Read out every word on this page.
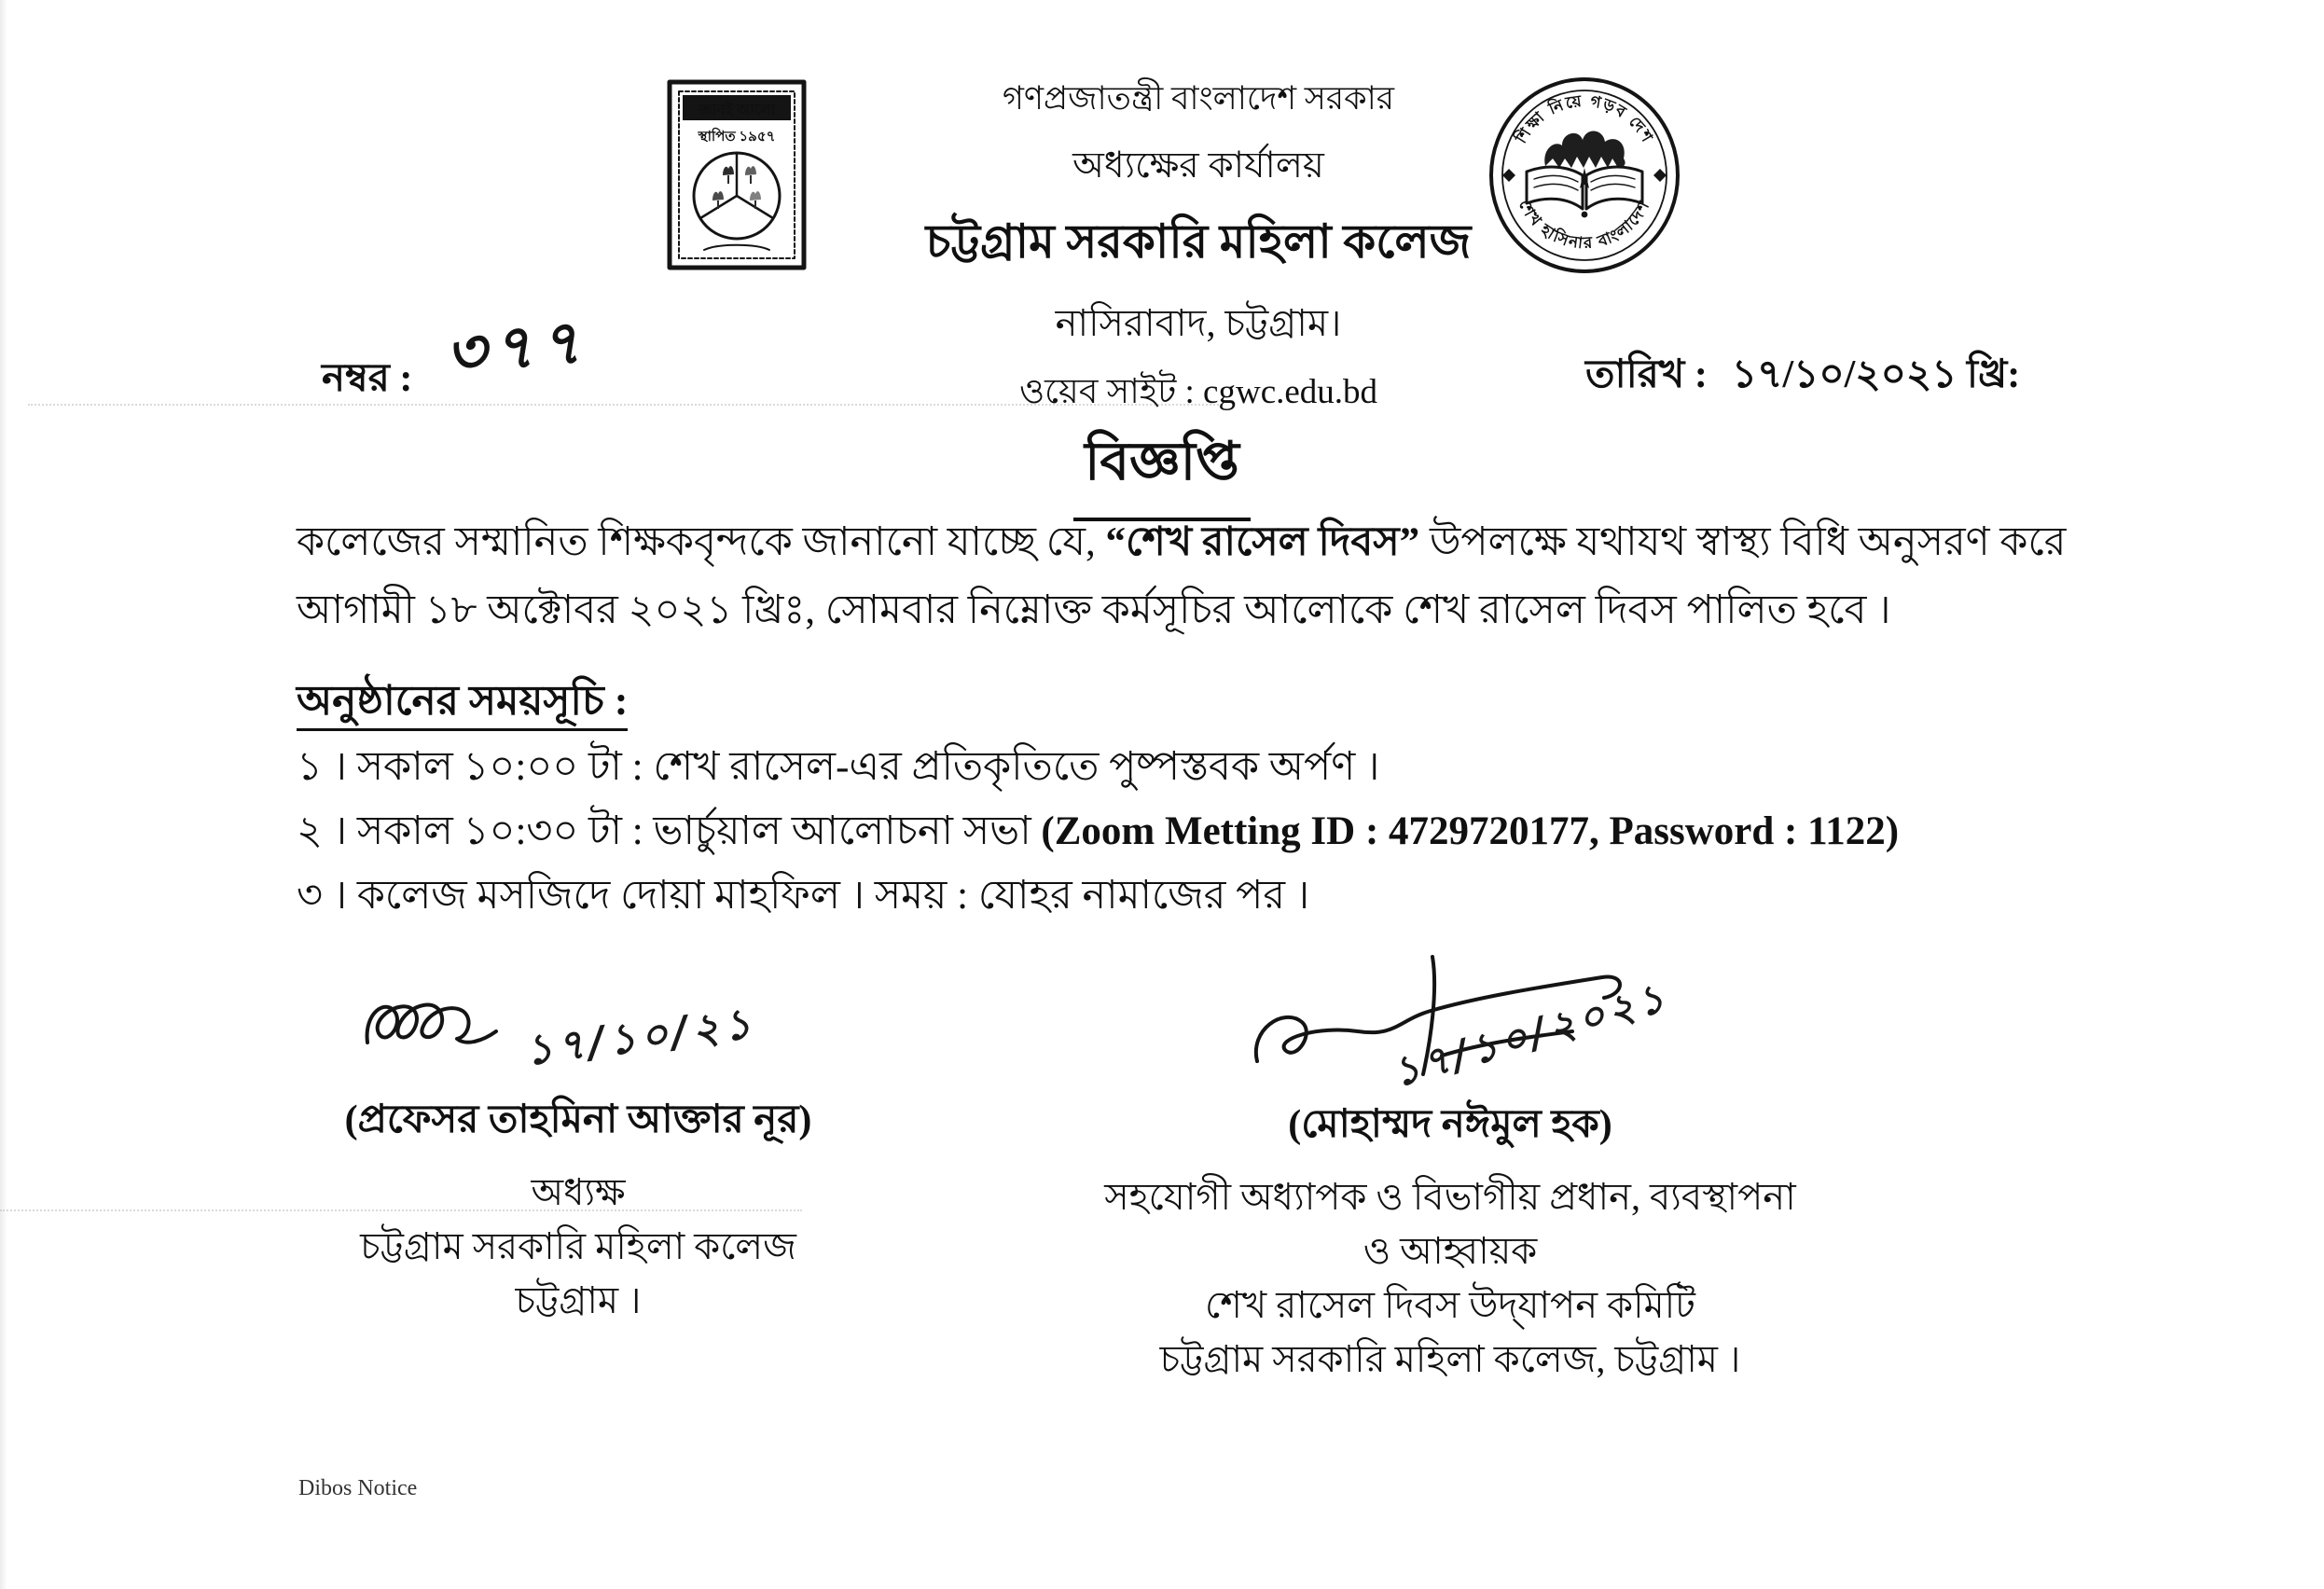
জ্ঞানই আলো
স্থাপিত ১৯৫৭
গণপ্রজাতন্ত্রী বাংলাদেশ সরকার
অধ্যক্ষের কার্যালয়
চট্টগ্রাম সরকারি মহিলা কলেজ
নাসিরাবাদ, চট্টগ্রাম।
ওয়েব সাইট : cgwc.edu.bd
শিক্ষা নিয়ে গড়ব দেশ
শেখ হাসিনার বাংলাদেশ
নম্বর : ৩৭৭	তারিখ : ১৭/১০/২০২১ খ্রি:
বিজ্ঞপ্তি
কলেজের সম্মানিত শিক্ষকবৃন্দকে জানানো যাচ্ছে যে, “শেখ রাসেল দিবস” উপলক্ষে যথাযথ স্বাস্থ্য বিধি অনুসরণ করে আগামী ১৮ অক্টোবর ২০২১ খ্রিঃ, সোমবার নিম্নোক্ত কর্মসূচির আলোকে শেখ রাসেল দিবস পালিত হবে ।
অনুষ্ঠানের সময়সূচি :
১ । সকাল ১০:০০ টা : শেখ রাসেল-এর প্রতিকৃতিতে পুষ্পস্তবক অর্পণ ।
২ । সকাল ১০:৩০ টা : ভার্চুয়াল আলোচনা সভা (Zoom Metting ID : 4729720177, Password : 1122)
৩ । কলেজ মসজিদে দোয়া মাহফিল । সময় : যোহর নামাজের পর ।
১৭/১০/২১
(প্রফেসর তাহমিনা আক্তার নূর)
অধ্যক্ষ
চট্টগ্রাম সরকারি মহিলা কলেজ
চট্টগ্রাম ।
১৭/১০/২০২১
(মোহাম্মদ নঈমুল হক)
সহযোগী অধ্যাপক ও বিভাগীয় প্রধান, ব্যবস্থাপনা
ও আহ্বায়ক
শেখ রাসেল দিবস উদ্‌যাপন কমিটি
চট্টগ্রাম সরকারি মহিলা কলেজ, চট্টগ্রাম ।
Dibos Notice
